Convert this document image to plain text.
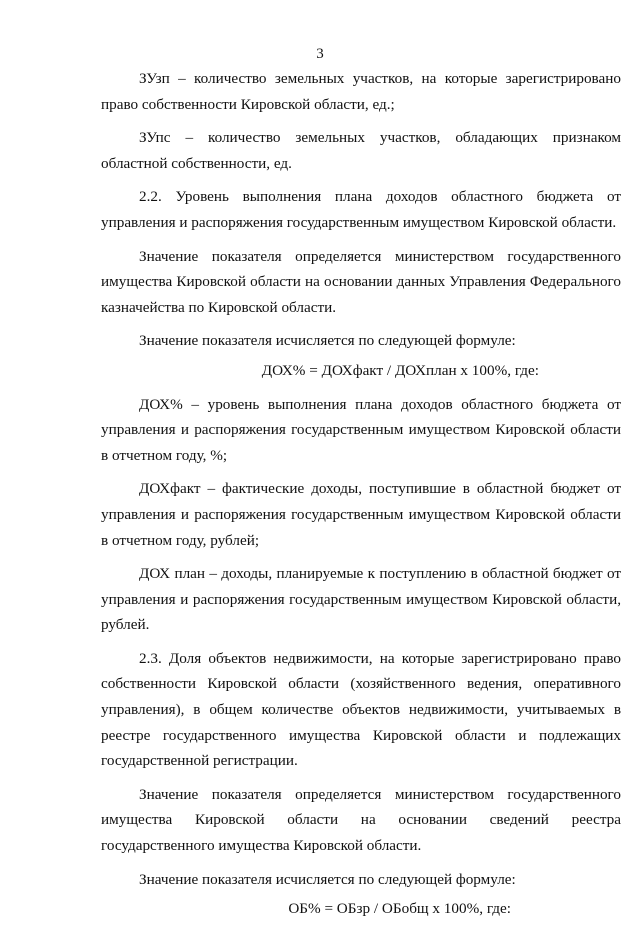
3

ЗУзп – количество земельных участков, на которые зарегистрировано право собственности Кировской области, ед.;

ЗУпс – количество земельных участков, обладающих признаком областной собственности, ед.

2.2. Уровень выполнения плана доходов областного бюджета от управления и распоряжения государственным имуществом Кировской области.

Значение показателя определяется министерством государственного имущества Кировской области на основании данных Управления Федерального казначейства по Кировской области.

Значение показателя исчисляется по следующей формуле:

ДОХ% = ДОХфакт / ДОХплан х 100%, где:

ДОХ% – уровень выполнения плана доходов областного бюджета от управления и распоряжения государственным имуществом Кировской области в отчетном году, %;

ДОХфакт – фактические доходы, поступившие в областной бюджет от управления и распоряжения государственным имуществом Кировской области в отчетном году, рублей;

ДОХ план – доходы, планируемые к поступлению в областной бюджет от управления и распоряжения государственным имуществом Кировской области, рублей.

2.3. Доля объектов недвижимости, на которые зарегистрировано право собственности Кировской области (хозяйственного ведения, оперативного управления), в общем количестве объектов недвижимости, учитываемых в реестре государственного имущества Кировской области и подлежащих государственной регистрации.

Значение показателя определяется министерством государственного имущества Кировской области на основании сведений реестра государственного имущества Кировской области.

Значение показателя исчисляется по следующей формуле:

ОБ% = ОБзр / ОБобщ х 100%, где:
